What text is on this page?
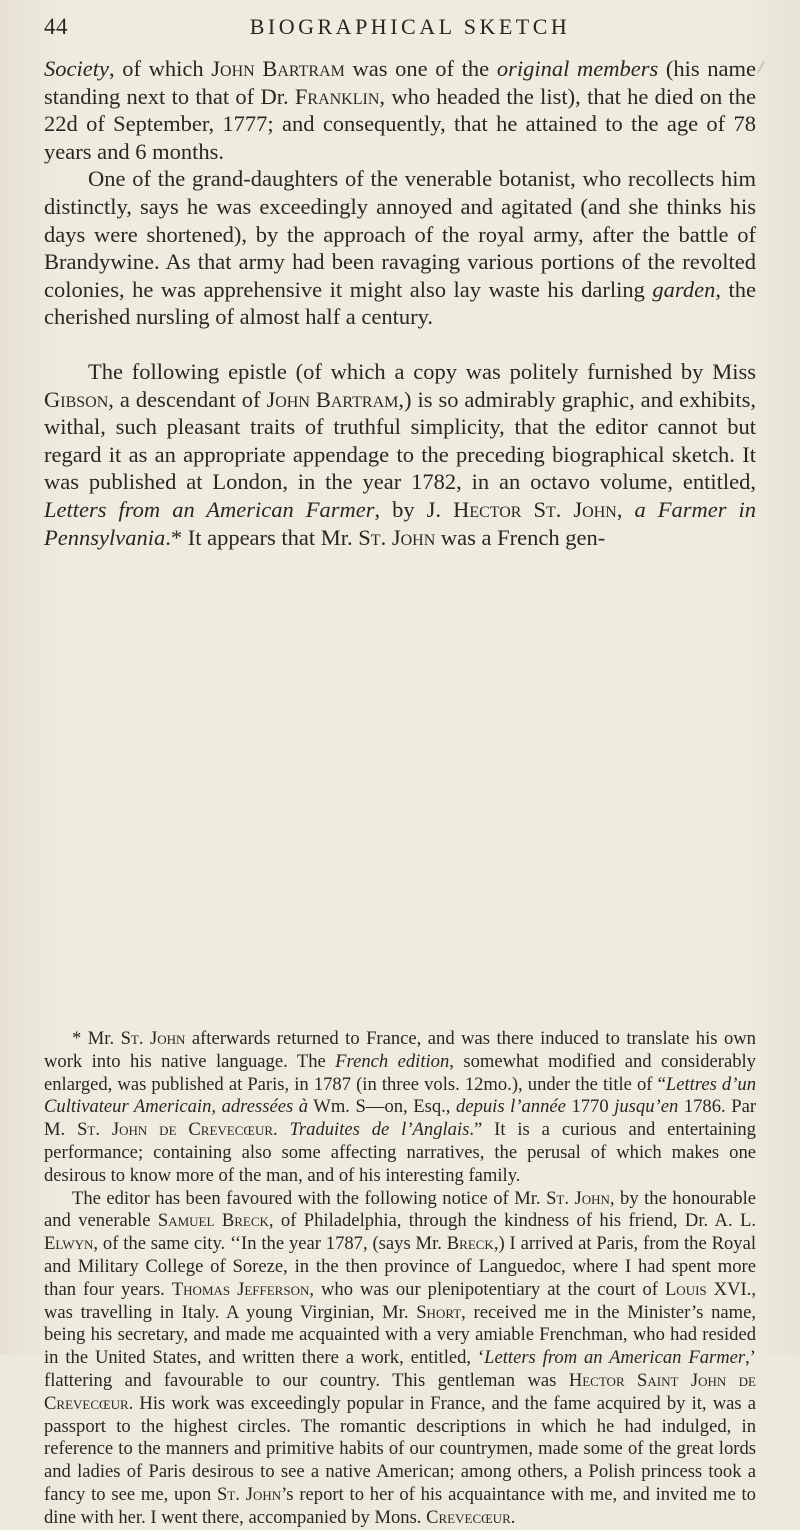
44	BIOGRAPHICAL SKETCH

Society, of which John Bartram was one of the original members (his name standing next to that of Dr. Franklin, who headed the list), that he died on the 22d of September, 1777; and consequently, that he attained to the age of 78 years and 6 months.

One of the grand-daughters of the venerable botanist, who recollects him distinctly, says he was exceedingly annoyed and agitated (and she thinks his days were shortened), by the approach of the royal army, after the battle of Brandywine. As that army had been ravaging various portions of the revolted colonies, he was apprehensive it might also lay waste his darling garden, the cherished nursling of almost half a century.

The following epistle (of which a copy was politely furnished by Miss Gibson, a descendant of John Bartram,) is so admirably graphic, and exhibits, withal, such pleasant traits of truthful simplicity, that the editor cannot but regard it as an appropriate appendage to the preceding biographical sketch. It was published at London, in the year 1782, in an octavo volume, entitled, Letters from an American Farmer, by J. Hector St. John, a Farmer in Pennsylvania.* It appears that Mr. St. John was a French gen-

* Mr. St. John afterwards returned to France, and was there induced to translate his own work into his native language. The French edition, somewhat modified and considerably enlarged, was published at Paris, in 1787 (in three vols. 12mo.), under the title of “Lettres d’un Cultivateur Americain, adressées à Wm. S—on, Esq., depuis l’année 1770 jusqu’en 1786. Par M. St. John de Crevecœur. Traduites de l’Anglais.” It is a curious and entertaining performance; containing also some affecting narratives, the perusal of which makes one desirous to know more of the man, and of his interesting family.

The editor has been favoured with the following notice of Mr. St. John, by the honourable and venerable Samuel Breck, of Philadelphia, through the kindness of his friend, Dr. A. L. Elwyn, of the same city. ‘‘In the year 1787, (says Mr. Breck,) I arrived at Paris, from the Royal and Military College of Soreze, in the then province of Languedoc, where I had spent more than four years. Thomas Jefferson, who was our plenipotentiary at the court of Louis XVI., was travelling in Italy. A young Virginian, Mr. Short, received me in the Minister’s name, being his secretary, and made me acquainted with a very amiable Frenchman, who had resided in the United States, and written there a work, entitled, ‘Letters from an American Farmer,’ flattering and favourable to our country. This gentleman was Hector Saint John de Crevecœur. His work was exceedingly popular in France, and the fame acquired by it, was a passport to the highest circles. The romantic descriptions in which he had indulged, in reference to the manners and primitive habits of our countrymen, made some of the great lords and ladies of Paris desirous to see a native American; among others, a Polish princess took a fancy to see me, upon St. John’s report to her of his acquaintance with me, and invited me to dine with her. I went there, accompanied by Mons. Crevecœur.
